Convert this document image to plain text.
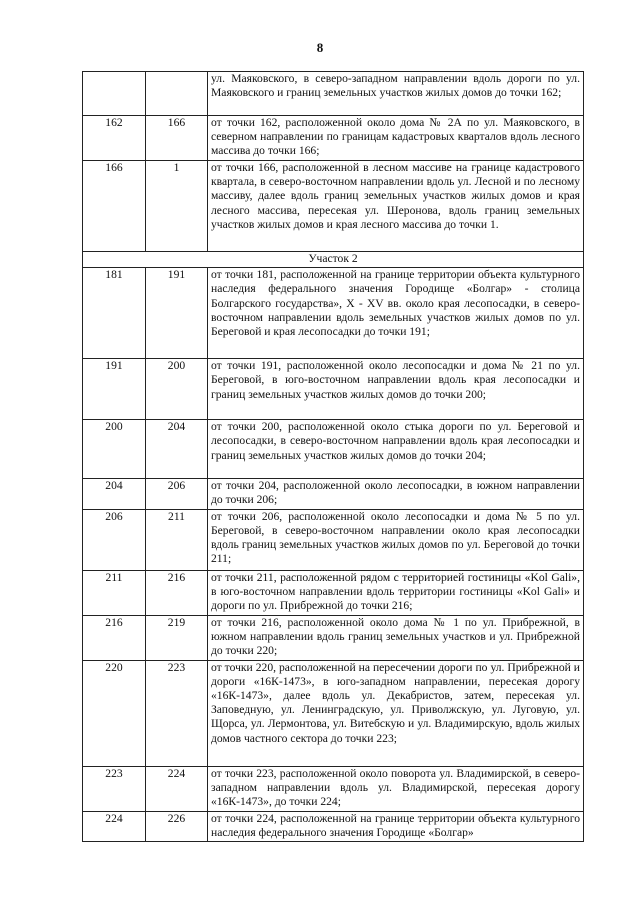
8
		ул. Маяковского, в северо-западном направлении вдоль дороги по ул. Маяковского и границ земельных участков жилых домов до точки 162;
162	166	от точки 162, расположенной около дома № 2А по ул. Маяковского, в северном направлении по границам кадастровых кварталов вдоль лесного массива до точки 166;
166	1	от точки 166, расположенной в лесном массиве на границе кадастрового квартала, в северо-восточном направлении вдоль ул. Лесной и по лесному массиву, далее вдоль границ земельных участков жилых домов и края лесного массива, пересекая ул. Шеронова, вдоль границ земельных участков жилых домов и края лесного массива до точки 1.
Участок 2		
181	191	от точки 181, расположенной на границе территории объекта культурного наследия федерального значения Городище «Болгар» - столица Болгарского государства», X - XV вв. около края лесопосадки, в северо-восточном направлении вдоль земельных участков жилых домов по ул. Береговой и края лесопосадки до точки 191;
191	200	от точки 191, расположенной около лесопосадки и дома № 21 по ул. Береговой, в юго-восточном направлении вдоль края лесопосадки и границ земельных участков жилых домов до точки 200;
200	204	от точки 200, расположенной около стыка дороги по ул. Береговой и лесопосадки, в северо-восточном направлении вдоль края лесопосадки и границ земельных участков жилых домов до точки 204;
204	206	от точки 204, расположенной около лесопосадки, в южном направлении до точки 206;
206	211	от точки 206, расположенной около лесопосадки и дома № 5 по ул. Береговой, в северо-восточном направлении около края лесопосадки вдоль границ земельных участков жилых домов по ул. Береговой до точки 211;
211	216	от точки 211, расположенной рядом с территорией гостиницы «Kol Gali», в юго-восточном направлении вдоль территории гостиницы «Kol Gali» и дороги по ул. Прибрежной до точки 216;
216	219	от точки 216, расположенной около дома № 1 по ул. Прибрежной, в южном направлении вдоль границ земельных участков и ул. Прибрежной до точки 220;
220	223	от точки 220, расположенной на пересечении дороги по ул. Прибрежной и дороги «16К-1473», в юго-западном направлении, пересекая дорогу «16К-1473», далее вдоль ул. Декабристов, затем, пересекая ул. Заповедную, ул. Ленинградскую, ул. Приволжскую, ул. Луговую, ул. Щорса, ул. Лермонтова, ул. Витебскую и ул. Владимирскую, вдоль жилых домов частного сектора до точки 223;
223	224	от точки 223, расположенной около поворота ул. Владимирской, в северо-западном направлении вдоль ул. Владимирской, пересекая дорогу «16К-1473», до точки 224;
224	226	от точки 224, расположенной на границе территории объекта культурного наследия федерального значения Городище «Болгар»
